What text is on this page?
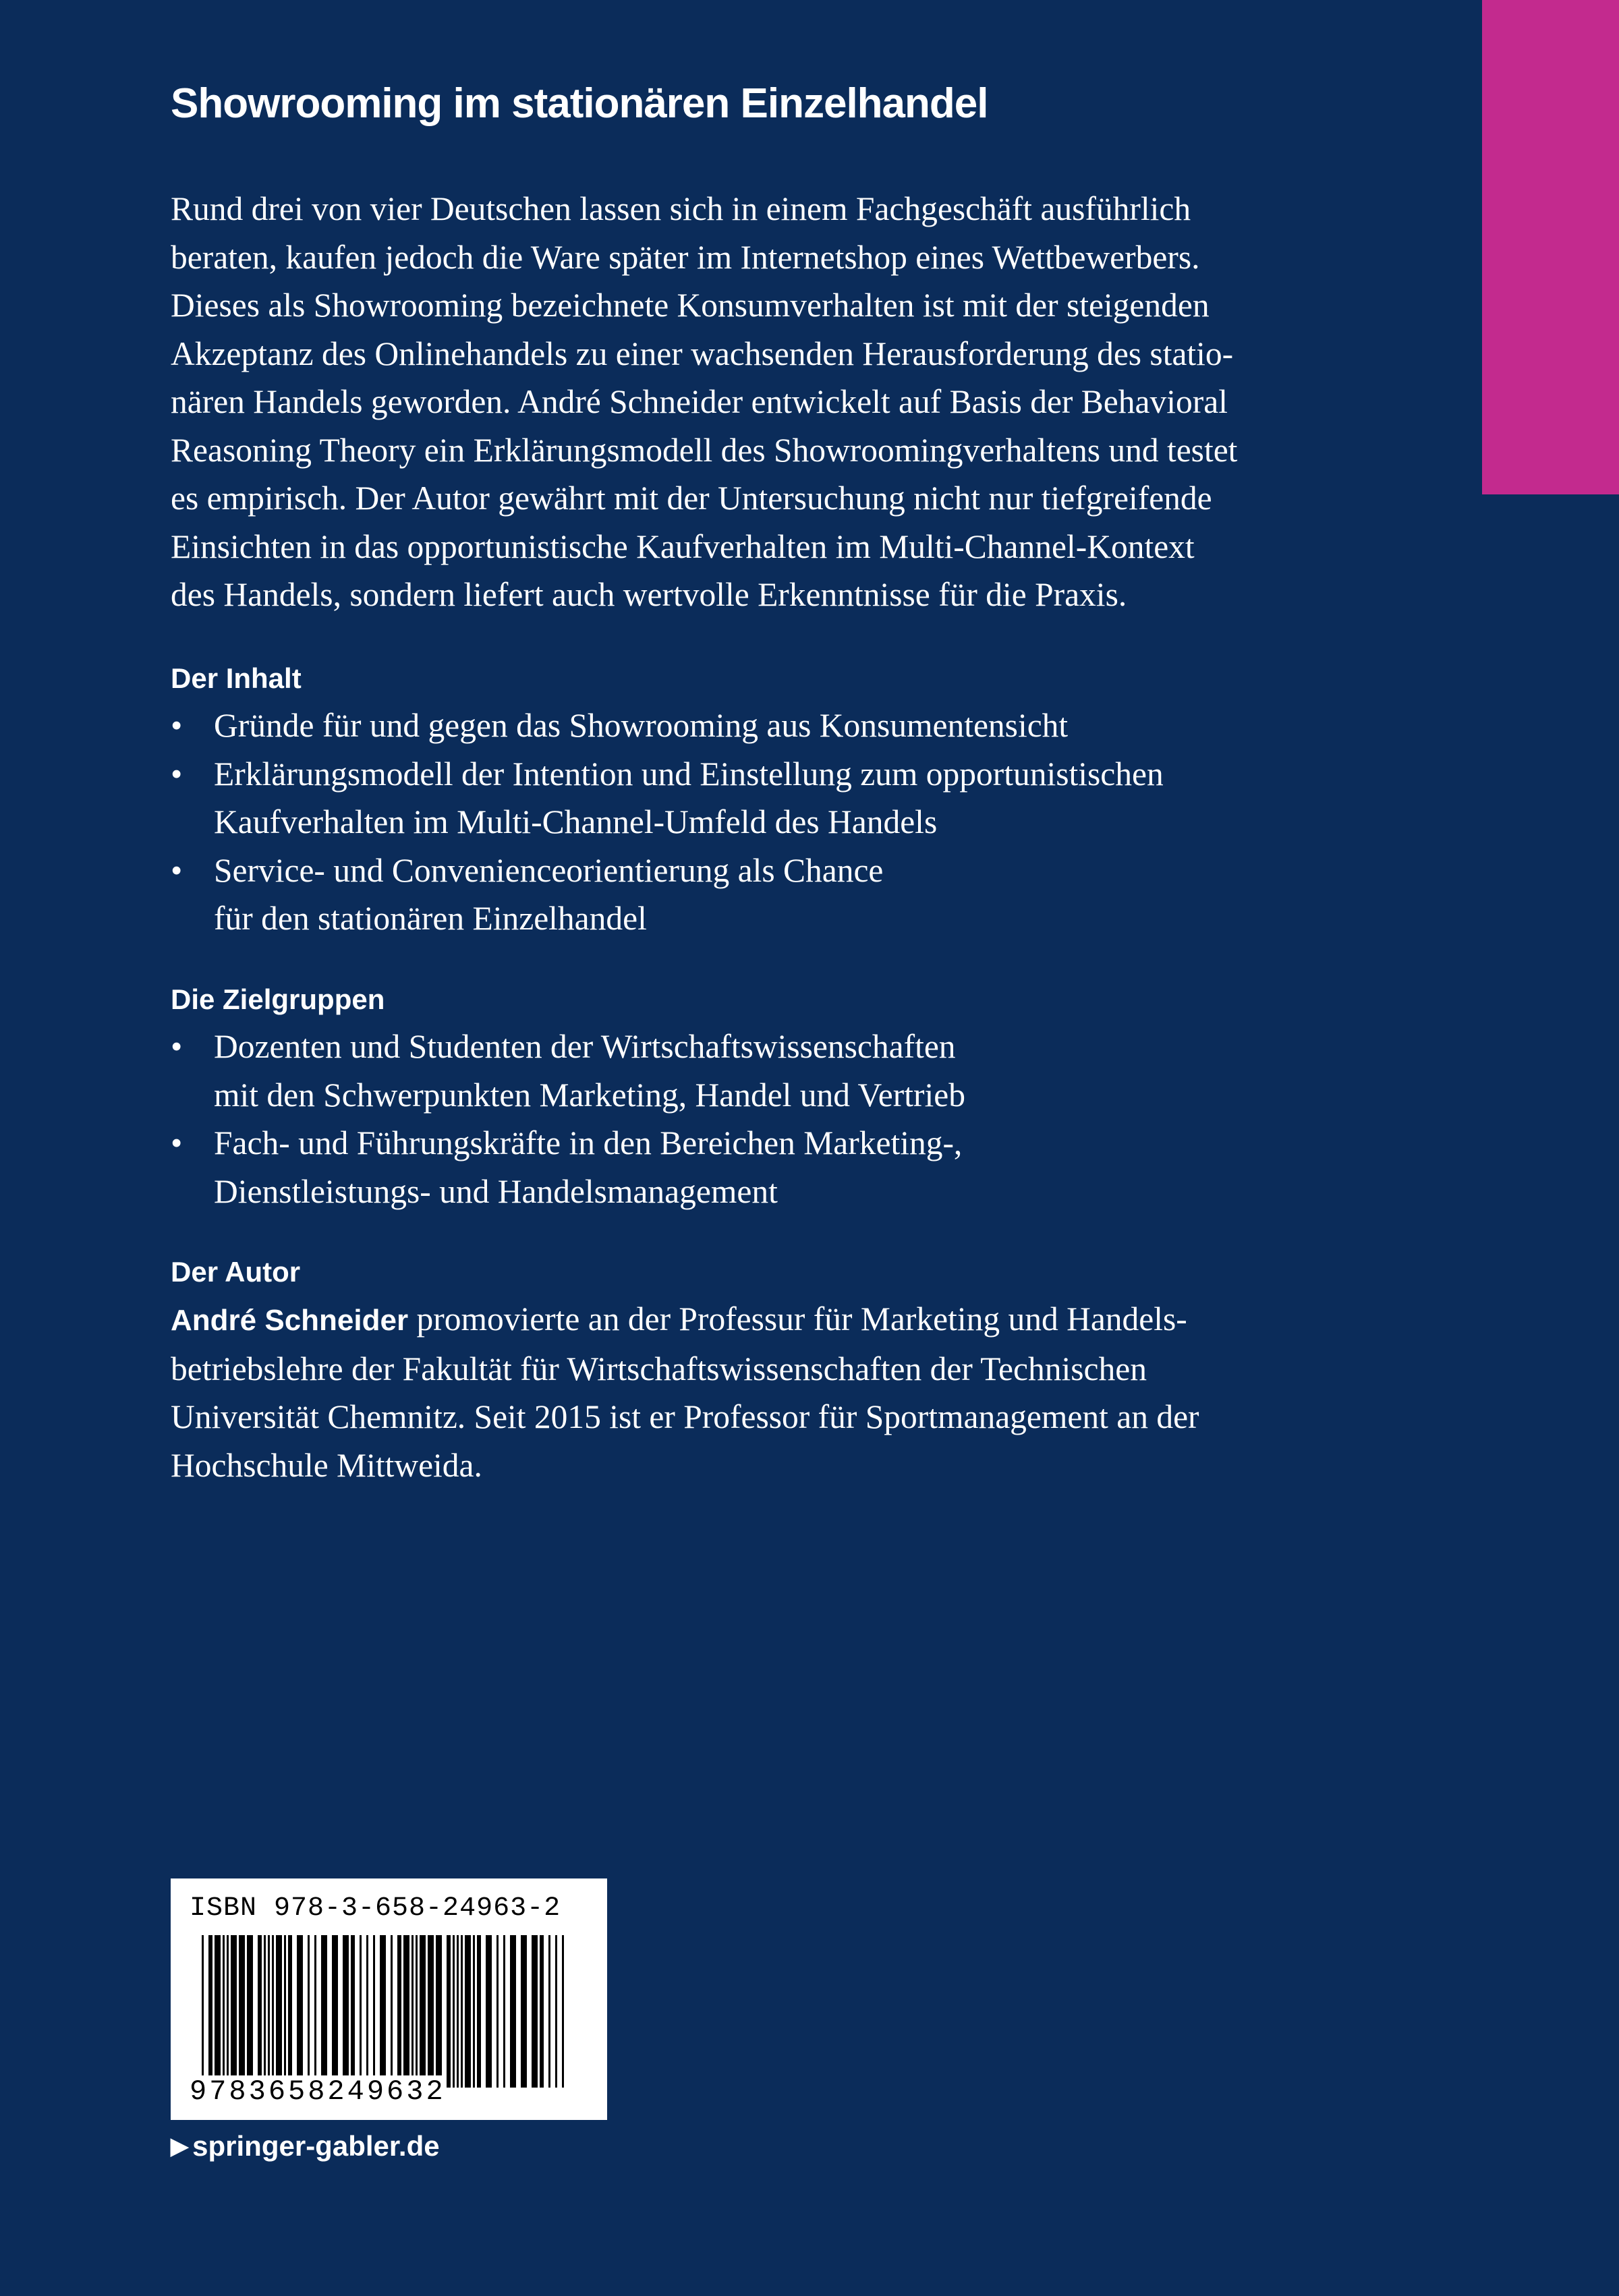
Showrooming im stationären Einzelhandel

Rund drei von vier Deutschen lassen sich in einem Fachgeschäft ausführlich

beraten, kaufen jedoch die Ware später im Internetshop eines Wettbewerbers.

Dieses als Showrooming bezeichnete Konsumverhalten ist mit der steigenden

Akzeptanz des Onlinehandels zu einer wachsenden Herausforderung des statio-

nären Handels geworden. André Schneider entwickelt auf Basis der Behavioral

Reasoning Theory ein Erklärungsmodell des Showroomingverhaltens und testet

es empirisch. Der Autor gewährt mit der Untersuchung nicht nur tiefgreifende

Einsichten in das opportunistische Kaufverhalten im Multi-Channel-Kontext

des Handels, sondern liefert auch wertvolle Erkenntnisse für die Praxis.

Der Inhalt
• Gründe für und gegen das Showrooming aus Konsumentensicht
• Erklärungsmodell der Intention und Einstellung zum opportunistischen
Kaufverhalten im Multi-Channel-Umfeld des Handels
• Service- und Convenienceorientierung als Chance
für den stationären Einzelhandel
Die Zielgruppen
• Dozenten und Studenten der Wirtschaftswissenschaften
mit den Schwerpunkten Marketing, Handel und Vertrieb
• Fach- und Führungskräfte in den Bereichen Marketing-,
Dienstleistungs- und Handelsmanagement
Der Autor

André Schneider promovierte an der Professur für Marketing und Handels-

betriebslehre der Fakultät für Wirtschaftswissenschaften der Technischen

Universität Chemnitz. Seit 2015 ist er Professor für Sportmanagement an der

Hochschule Mittweida.

ISBN 978-3-658-24963-2
9783658249632
▶ springer-gabler.de
